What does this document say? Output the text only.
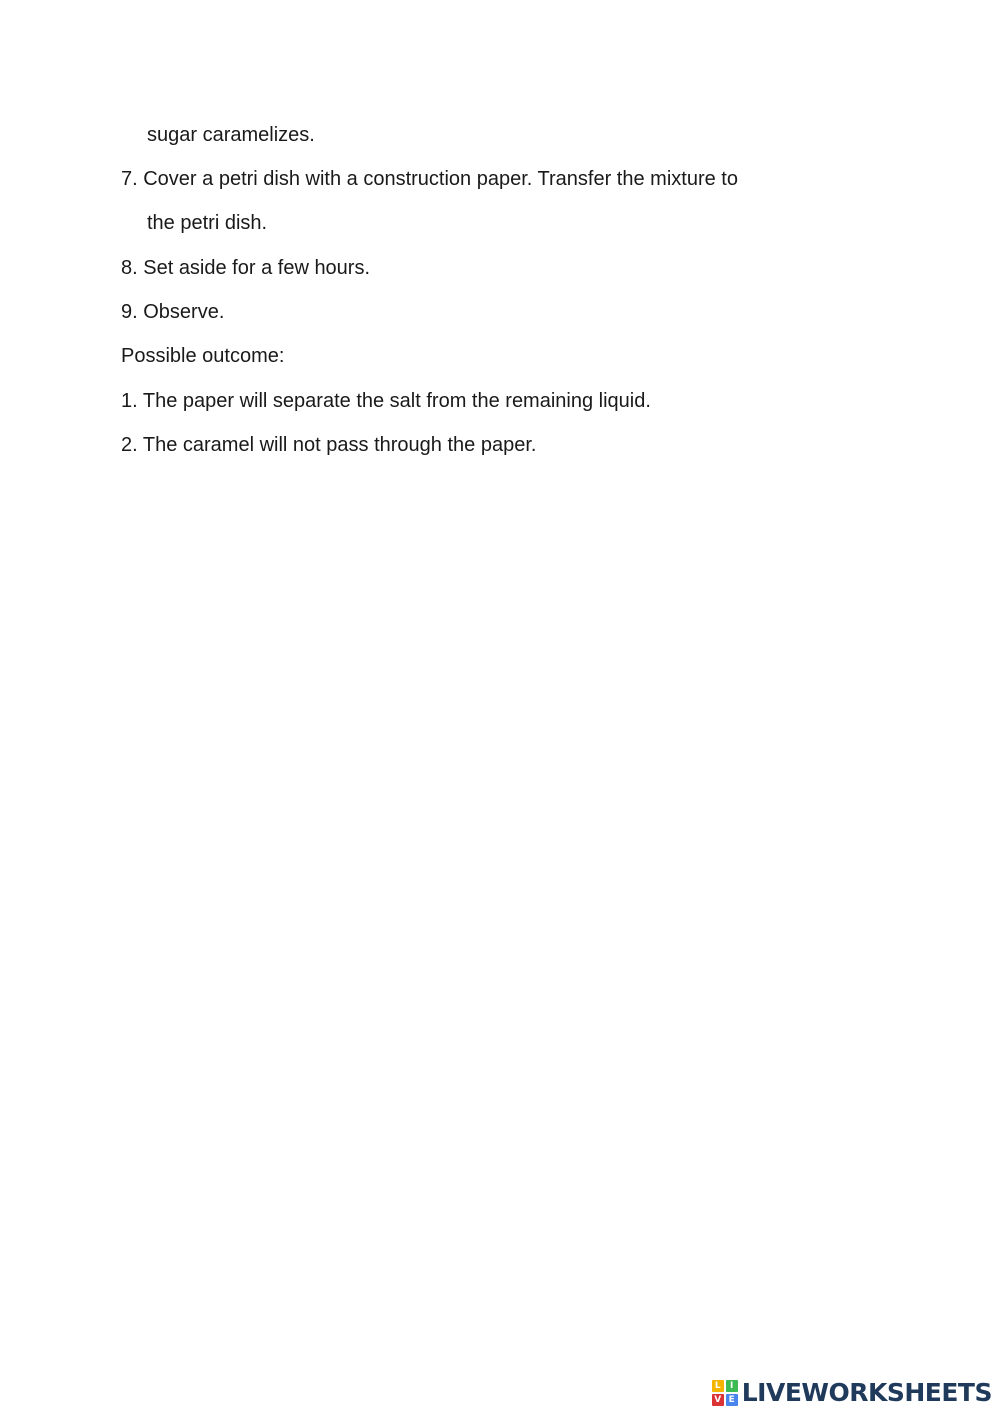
sugar caramelizes.
7. Cover a petri dish with a construction paper. Transfer the mixture to
the petri dish.
8. Set aside for a few hours.
9. Observe.
Possible outcome:
1. The paper will separate the salt from the remaining liquid.
2. The caramel will not pass through the paper.
L	I
V E LIVEWORKSHEETS
